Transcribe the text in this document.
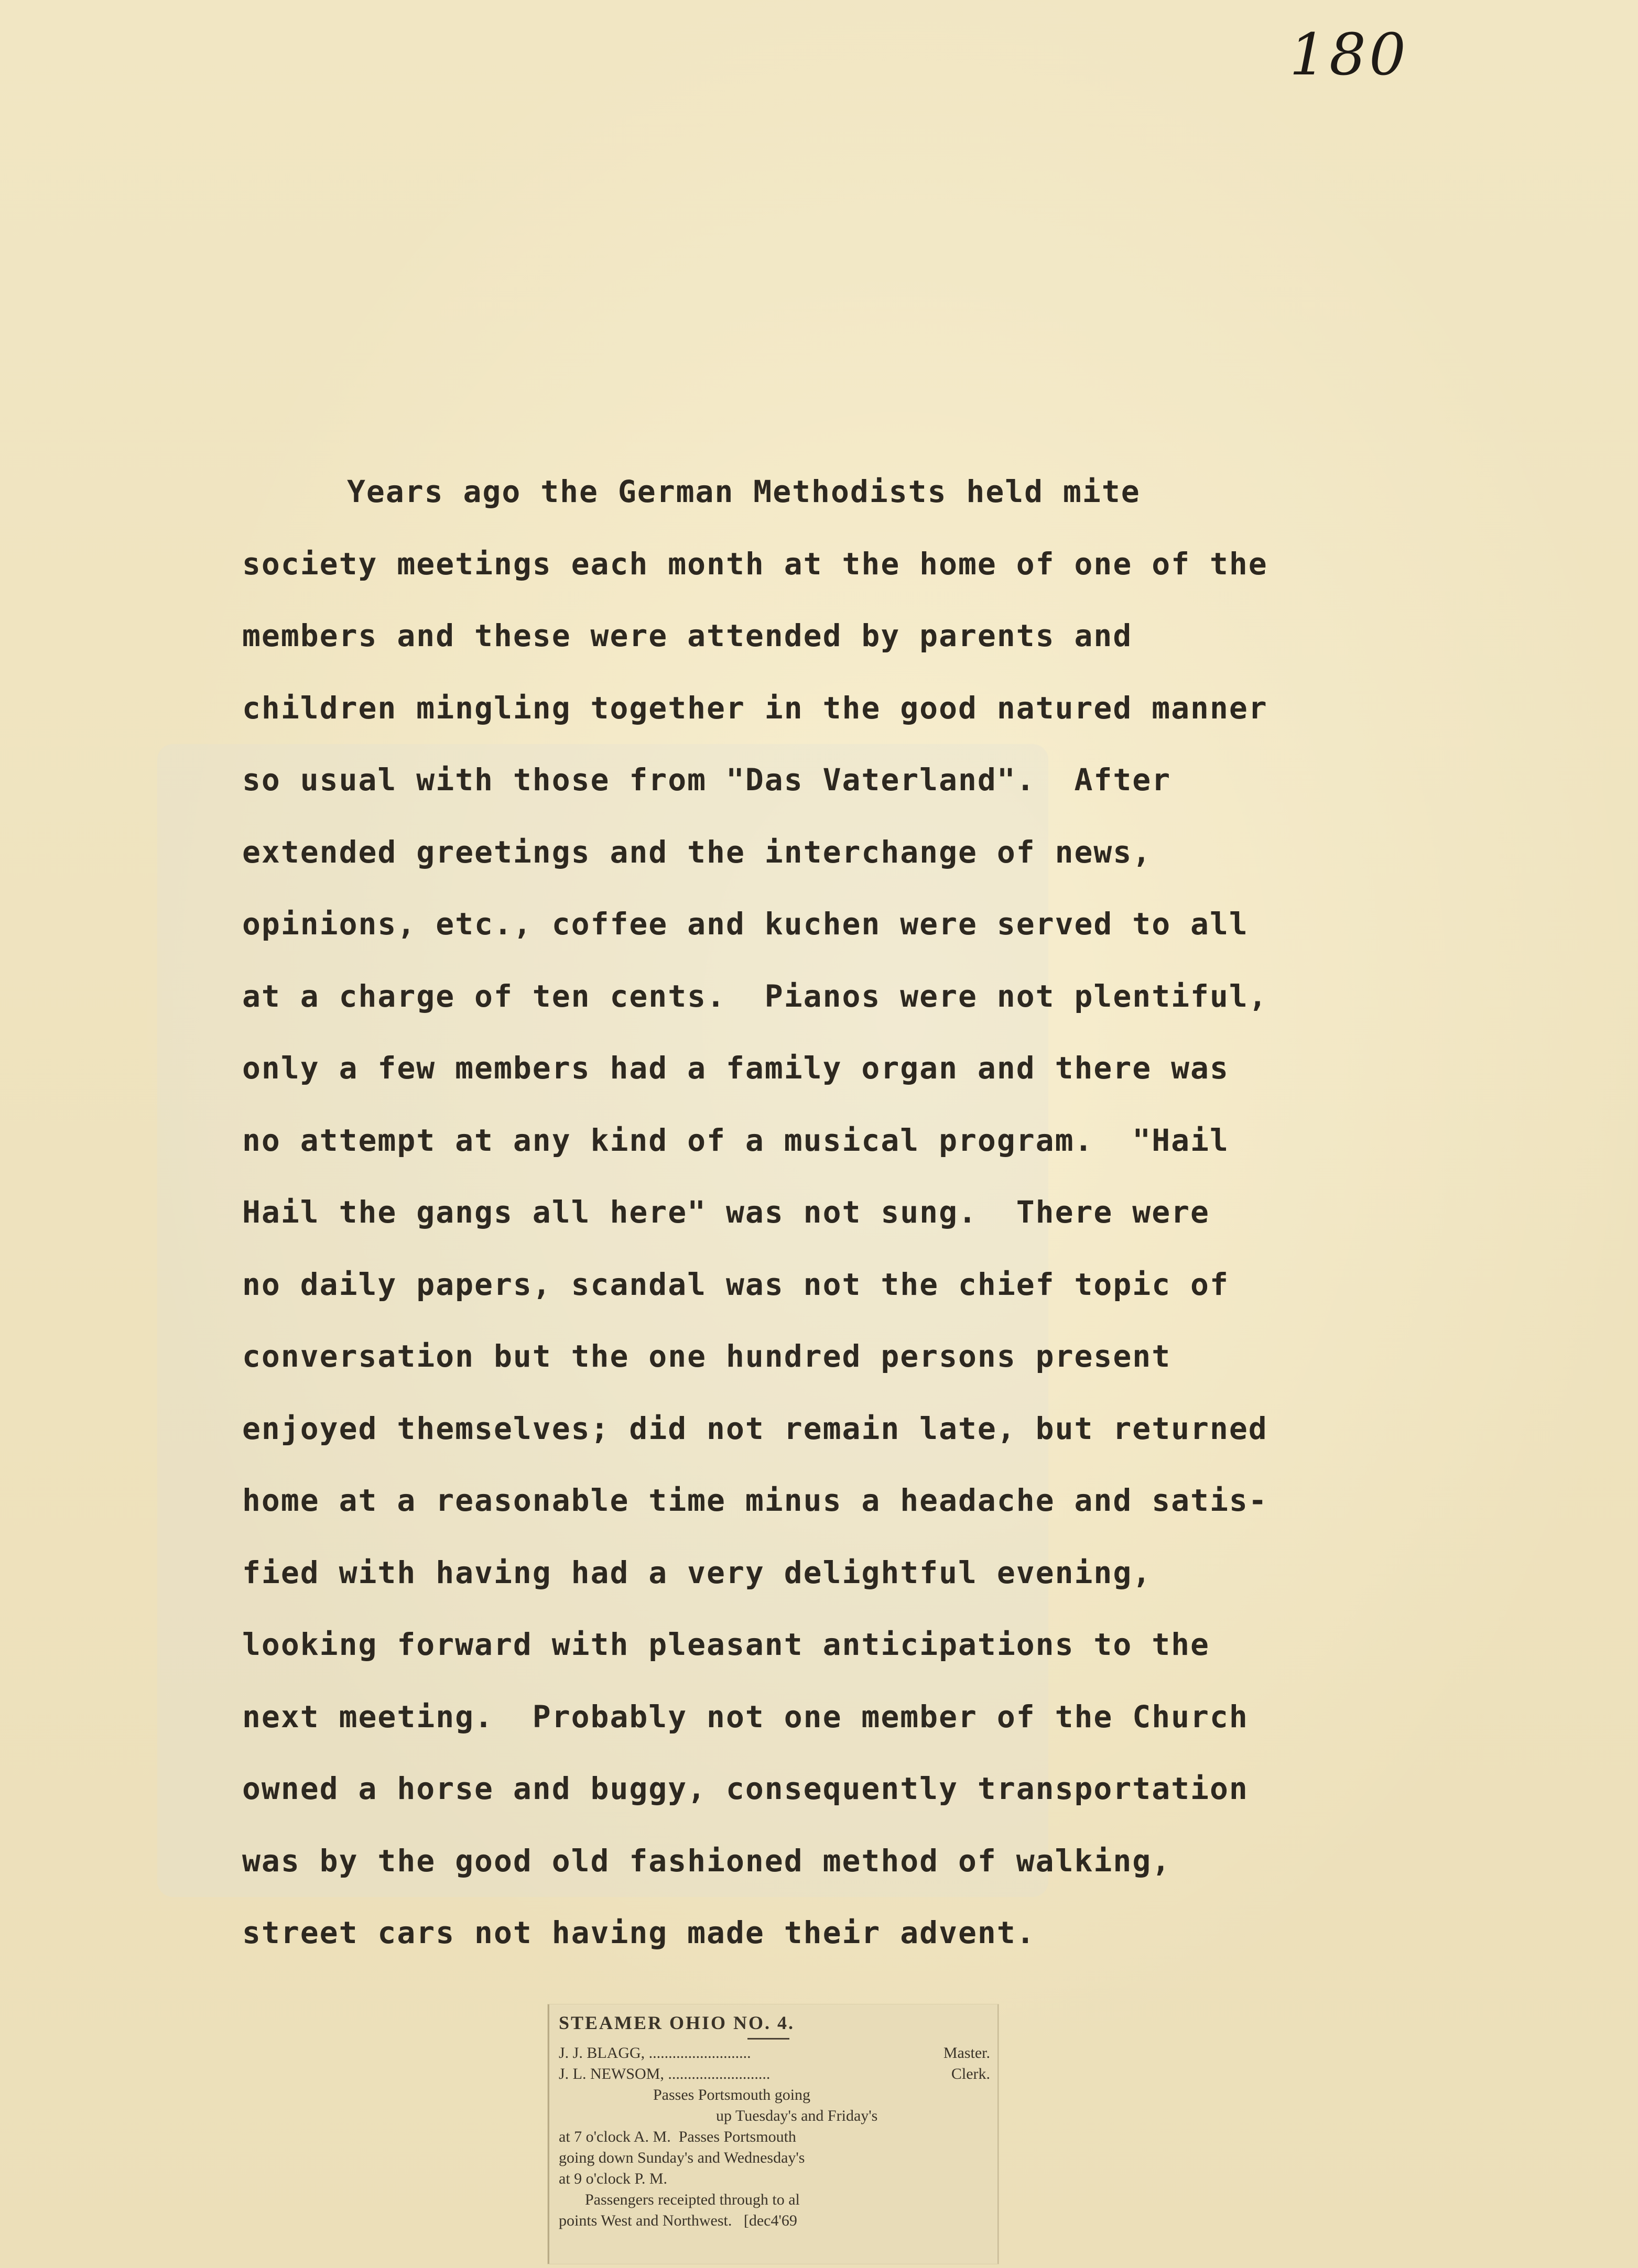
180
Years ago the German Methodists held mite
society meetings each month at the home of one of the
members and these were attended by parents and
children mingling together in the good natured manner
so usual with those from "Das Vaterland".  After
extended greetings and the interchange of news,
opinions, etc., coffee and kuchen were served to all
at a charge of ten cents.  Pianos were not plentiful,
only a few members had a family organ and there was
no attempt at any kind of a musical program.  "Hail
Hail the gangs all here" was not sung.  There were
no daily papers, scandal was not the chief topic of
conversation but the one hundred persons present
enjoyed themselves; did not remain late, but returned
home at a reasonable time minus a headache and satis-
fied with having had a very delightful evening,
looking forward with pleasant anticipations to the
next meeting.  Probably not one member of the Church
owned a horse and buggy, consequently transportation
was by the good old fashioned method of walking,
street cars not having made their advent.
STEAMER OHIO NO. 4.
J. J. BLAGG, ..........................	Master.
J. L. NEWSOM, ..........................	Clerk.
Passes Portsmouth going
up Tuesday's and Friday's
at 7 o'clock A. M.  Passes Portsmouth
going down Sunday's and Wednesday's
at 9 o'clock P. M.
Passengers receipted through to al
points West and Northwest.   [dec4'69
